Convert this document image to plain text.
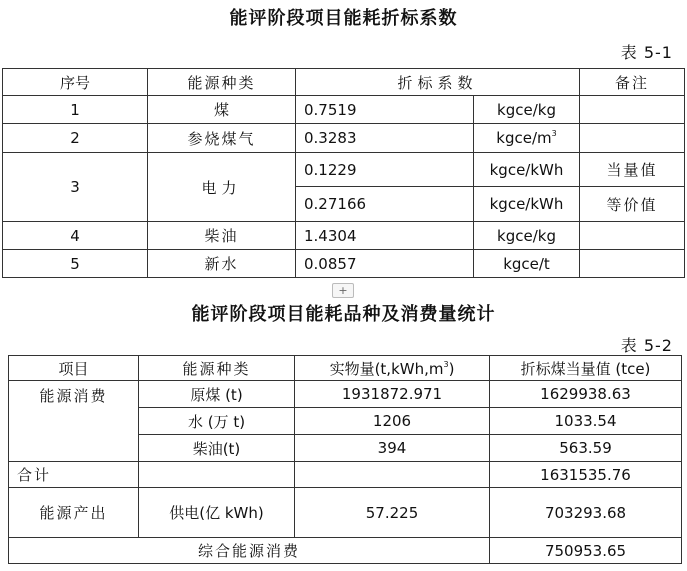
能评阶段项目能耗折标系数
表 5-1
序号	能源种类	折标系数		备注
1	煤	0.7519	kgce/kg	
2	参烧煤气	0.3283	kgce/$m^3$	
3	电力	0.1229	kgce/kWh	当量值
		0.27166	kgce/kWh	等价值
4	柴油	1.4304	kgce/kg	
5	新水	0.0857	kgce/t	
+
能评阶段项目能耗品种及消费量统计
表 5-2
项目	能源种类	实物量$(t,kWh,m^3)$	折标煤当量值 (tce)
能源消费	原煤 (t)	1931872.971	1629938.63
	水 (万 t)	1206	1033.54
	柴油(t)	394	563.59
合计			1631535.76
能源产出	供电(亿 kWh)	57.225	703293.68
综合能源消费			750953.65
